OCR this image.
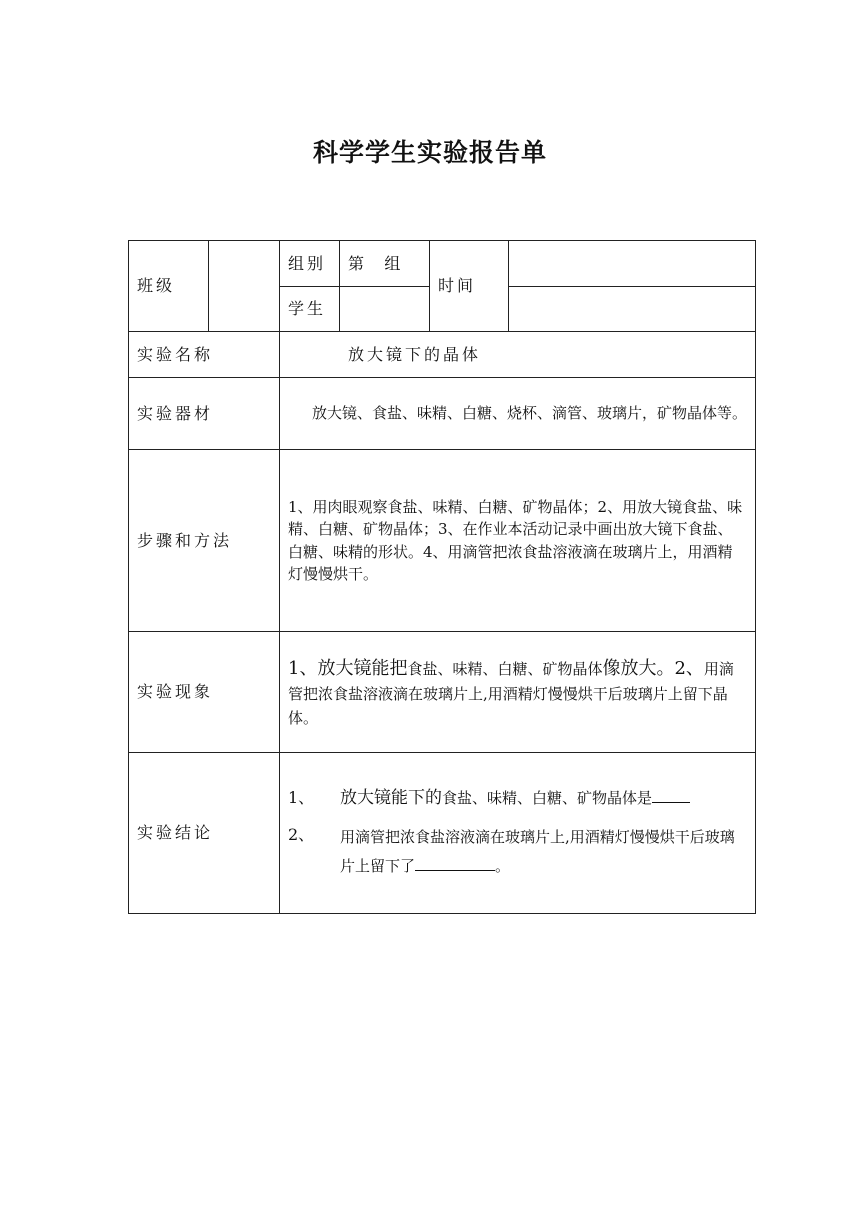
科学学生实验报告单
班级		组别	第    组	时间	
		学生			
实验名称		放大镜下的晶体			
实验器材		放大镜、食盐、味精、白糖、烧杯、滴管、玻璃片，矿物晶体等。			
步骤和方法		1、用肉眼观察食盐、味精、白糖、矿物晶体；2、用放大镜食盐、味精、白糖、矿物晶体；3、在作业本活动记录中画出放大镜下食盐、白糖、味精的形状。4、用滴管把浓食盐溶液滴在玻璃片上，用酒精灯慢慢烘干。			
实验现象		1、放大镜能把食盐、味精、白糖、矿物晶体像放大。2、用滴管把浓食盐溶液滴在玻璃片上,用酒精灯慢慢烘干后玻璃片上留下晶体。			
实验结论		1、 放大镜能下的食盐、味精、白糖、矿物晶体是
2、 用滴管把浓食盐溶液滴在玻璃片上,用酒精灯慢慢烘干后玻璃片上留下了 。			
